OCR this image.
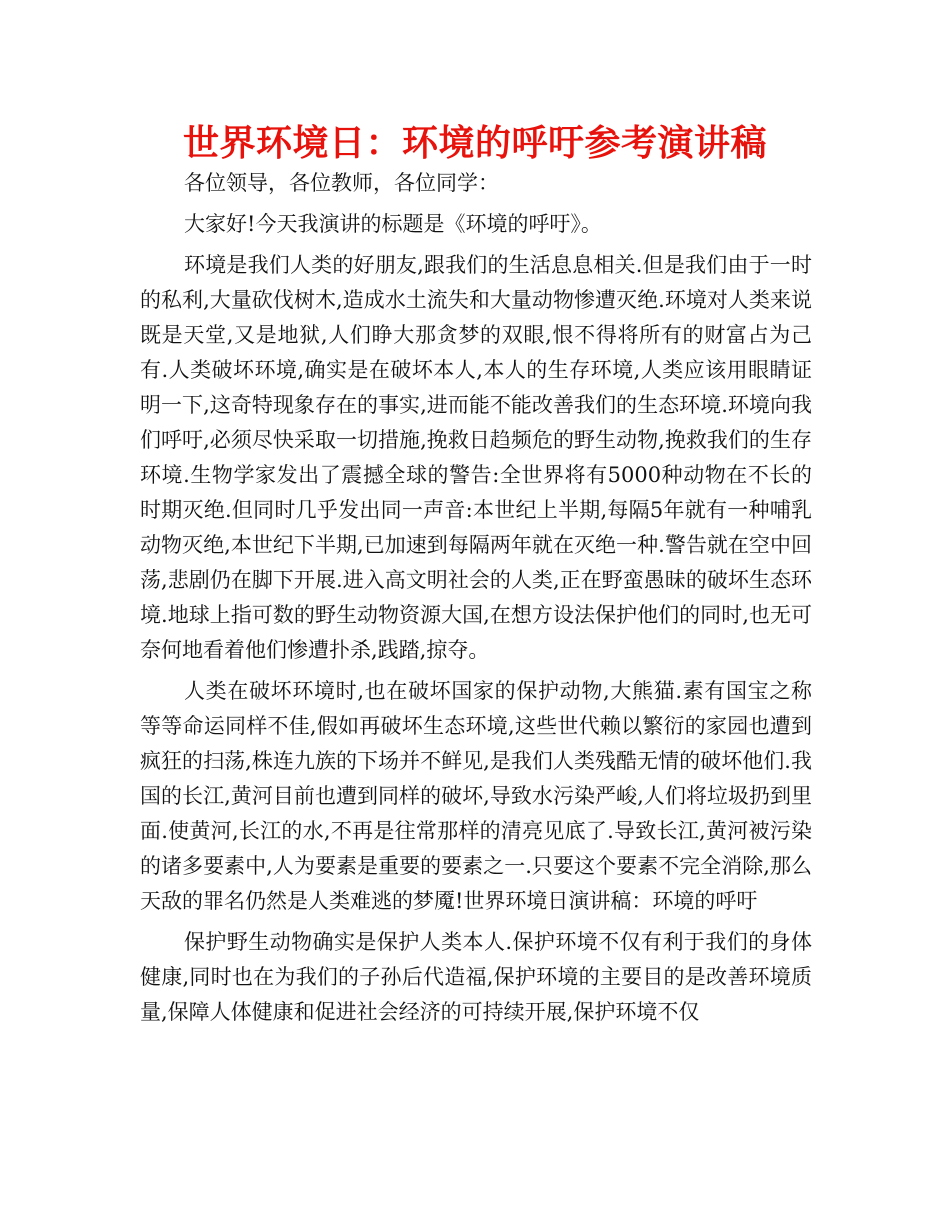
世界环境日：环境的呼吁参考演讲稿

各位领导，各位教师，各位同学：

大家好!今天我演讲的标题是《环境的呼吁》。

环境是我们人类的好朋友,跟我们的生活息息相关.但是我们由于一时的私利,大量砍伐树木,造成水土流失和大量动物惨遭灭绝.环境对人类来说既是天堂,又是地狱,人们睁大那贪梦的双眼,恨不得将所有的财富占为己有.人类破坏环境,确实是在破坏本人,本人的生存环境,人类应该用眼睛证明一下,这奇特现象存在的事实,进而能不能改善我们的生态环境.环境向我们呼吁,必须尽快采取一切措施,挽救日趋频危的野生动物,挽救我们的生存环境.生物学家发出了震撼全球的警告:全世界将有5000种动物在不长的时期灭绝.但同时几乎发出同一声音:本世纪上半期,每隔5年就有一种哺乳动物灭绝,本世纪下半期,已加速到每隔两年就在灭绝一种.警告就在空中回荡,悲剧仍在脚下开展.进入高文明社会的人类,正在野蛮愚昧的破坏生态环境.地球上指可数的野生动物资源大国,在想方设法保护他们的同时,也无可奈何地看着他们惨遭扑杀,践踏,掠夺。

人类在破坏环境时,也在破坏国家的保护动物,大熊猫.素有国宝之称等等命运同样不佳,假如再破坏生态环境,这些世代赖以繁衍的家园也遭到疯狂的扫荡,株连九族的下场并不鲜见,是我们人类残酷无情的破坏他们.我国的长江,黄河目前也遭到同样的破坏,导致水污染严峻,人们将垃圾扔到里面.使黄河,长江的水,不再是往常那样的清亮见底了.导致长江,黄河被污染的诸多要素中,人为要素是重要的要素之一.只要这个要素不完全消除,那么天敌的罪名仍然是人类难逃的梦魇!世界环境日演讲稿：环境的呼吁

保护野生动物确实是保护人类本人.保护环境不仅有利于我们的身体健康,同时也在为我们的子孙后代造福,保护环境的主要目的是改善环境质量,保障人体健康和促进社会经济的可持续开展,保护环境不仅
